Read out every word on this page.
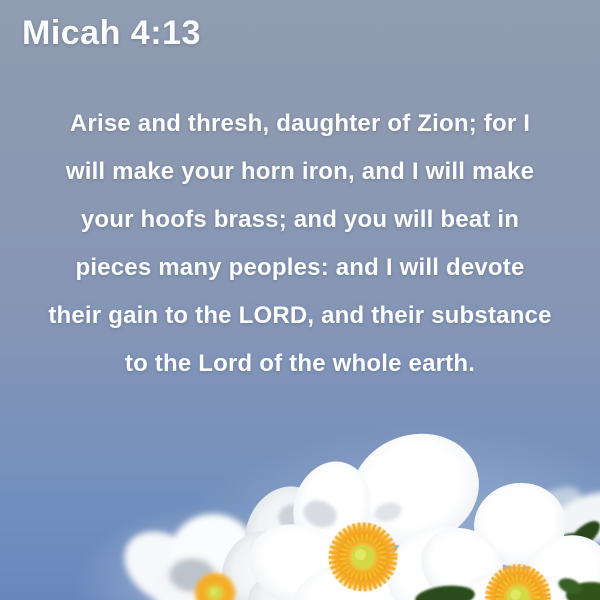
Micah 4:13
Arise and thresh, daughter of Zion; for I
will make your horn iron, and I will make
your hoofs brass; and you will beat in
pieces many peoples: and I will devote
their gain to the LORD, and their substance
to the Lord of the whole earth.
